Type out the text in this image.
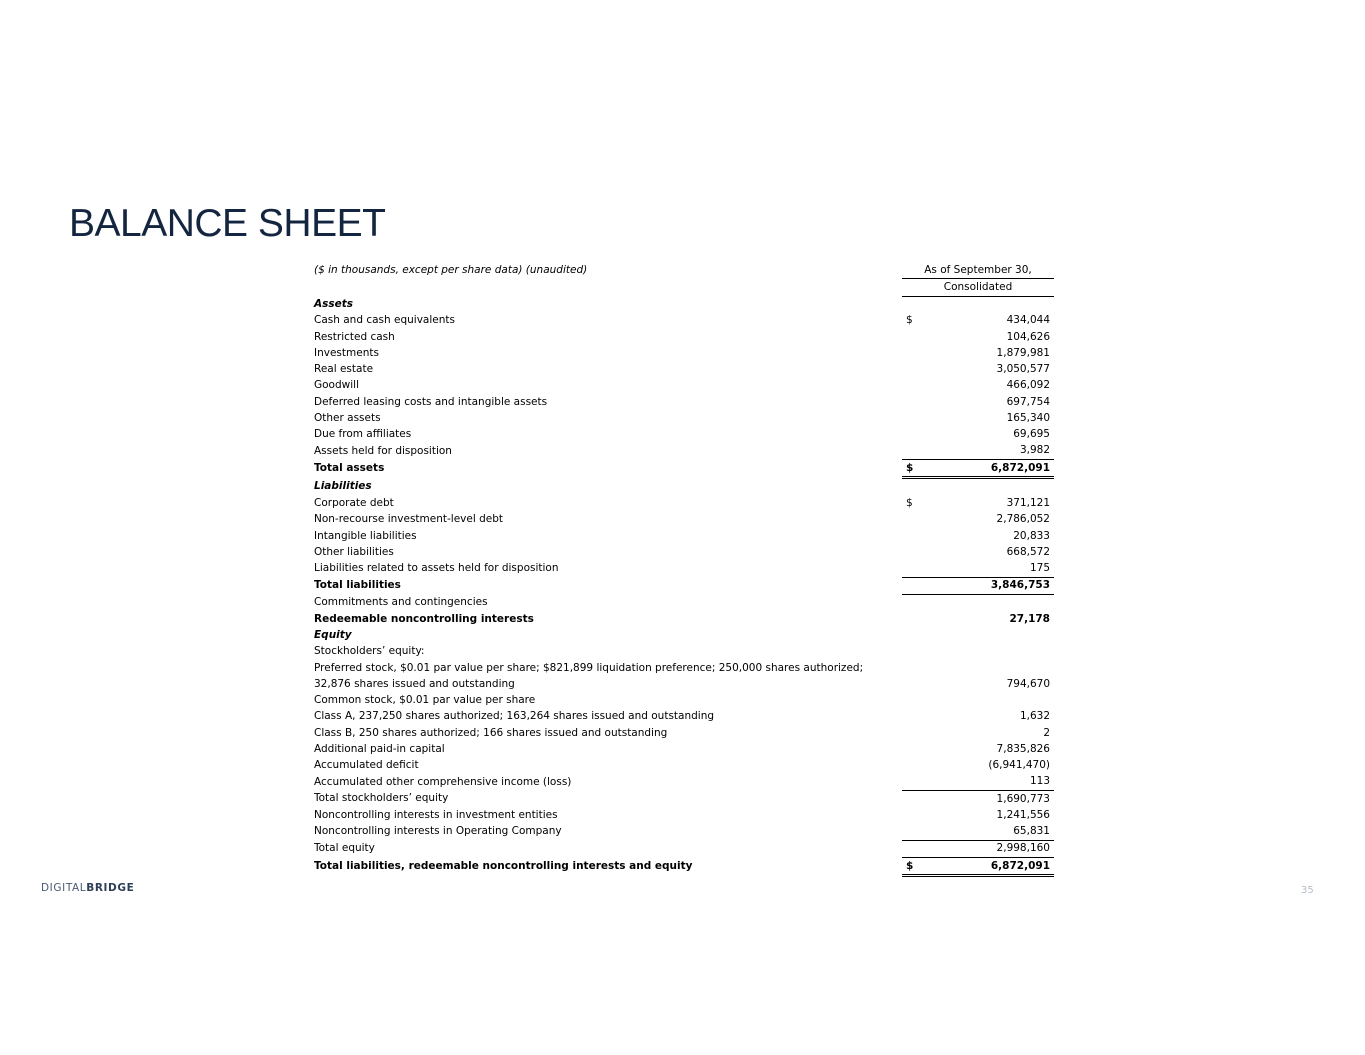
BALANCE SHEET
($ in thousands, except per share data) (unaudited)	As of September 30,	
	Consolidated	
Assets		
Cash and cash equivalents	$	434,044
Restricted cash		104,626
Investments		1,879,981
Real estate		3,050,577
Goodwill		466,092
Deferred leasing costs and intangible assets		697,754
Other assets		165,340
Due from affiliates		69,695
Assets held for disposition		3,982
Total assets	$	6,872,091
Liabilities		
Corporate debt	$	371,121
Non-recourse investment-level debt		2,786,052
Intangible liabilities		20,833
Other liabilities		668,572
Liabilities related to assets held for disposition		175
Total liabilities		3,846,753
Commitments and contingencies		
Redeemable noncontrolling interests		27,178
Equity		
Stockholders’ equity:		
Preferred stock, $0.01 par value per share; $821,899 liquidation preference; 250,000 shares authorized;		
32,876 shares issued and outstanding		794,670
Common stock, $0.01 par value per share		
Class A, 237,250 shares authorized; 163,264 shares issued and outstanding		1,632
Class B, 250 shares authorized; 166 shares issued and outstanding		2
Additional paid-in capital		7,835,826
Accumulated deficit		(6,941,470)
Accumulated other comprehensive income (loss)		113
Total stockholders’ equity		1,690,773
Noncontrolling interests in investment entities		1,241,556
Noncontrolling interests in Operating Company		65,831
Total equity		2,998,160
Total liabilities, redeemable noncontrolling interests and equity	$	6,872,091
DIGITALBRIDGE	35
